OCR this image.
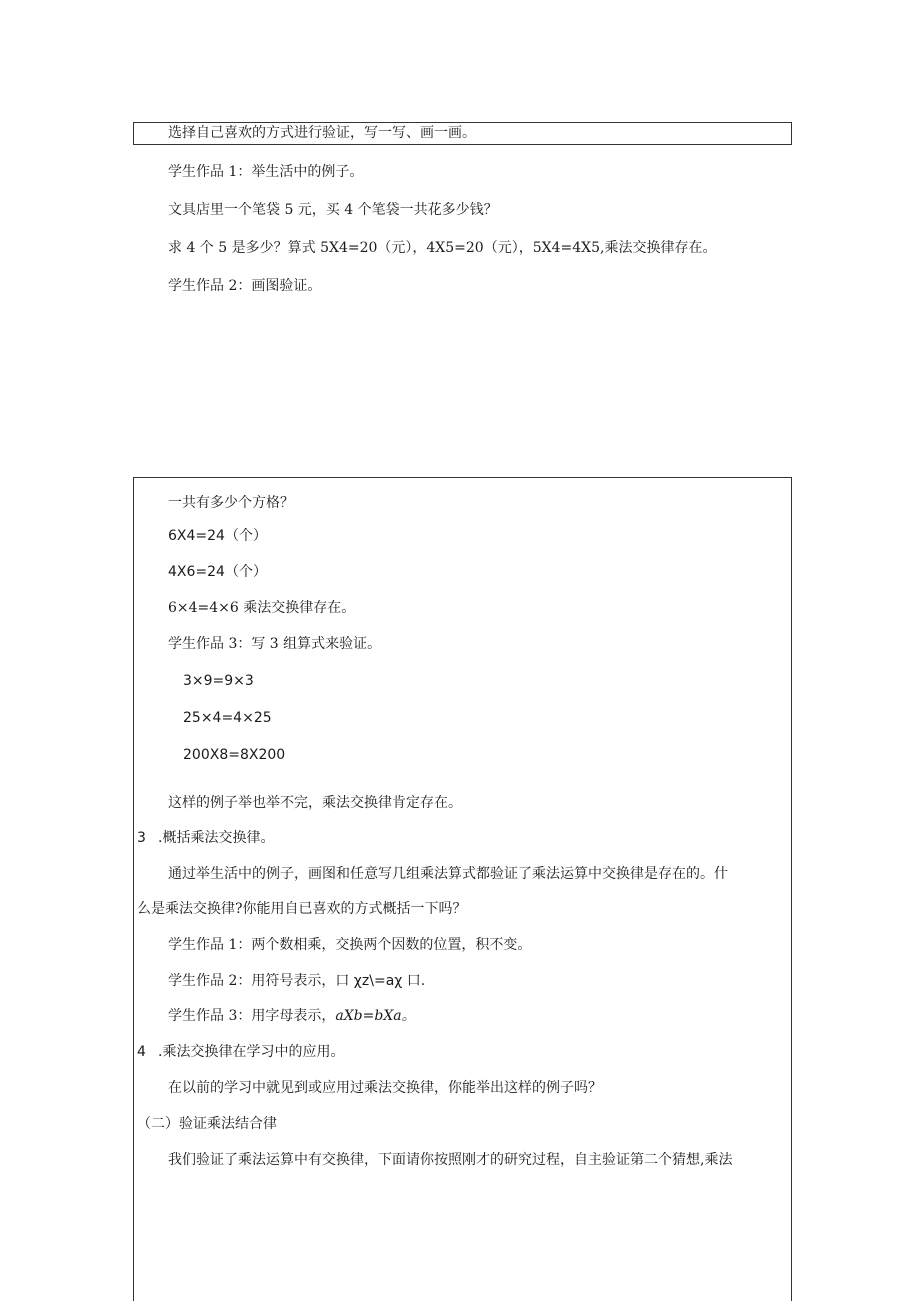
选择自己喜欢的方式进行验证，写一写、画一画。
学生作品 1：举生活中的例子。
文具店里一个笔袋 5 元，买 4 个笔袋一共花多少钱？
求 4 个 5 是多少？算式 5X4=20（元），4X5=20（元），5X4=4X5,乘法交换律存在。
学生作品 2：画图验证。
一共有多少个方格？
6X4=24（个）
4X6=24（个）
6×4=4×6 乘法交换律存在。
学生作品 3：写 3 组算式来验证。
3×9=9×3
25×4=4×25
200X8=8X200
这样的例子举也举不完，乘法交换律肯定存在。
3 .概括乘法交换律。
通过举生活中的例子，画图和任意写几组乘法算式都验证了乘法运算中交换律是存在的。什
么是乘法交换律?你能用自已喜欢的方式概括一下吗？
学生作品 1：两个数相乘，交换两个因数的位置，积不变。
学生作品 2：用符号表示，口 χz\=aχ 口.
学生作品 3：用字母表示，aXb=bXa。
4 .乘法交换律在学习中的应用。
在以前的学习中就见到或应用过乘法交换律，你能举出这样的例子吗？
（二）验证乘法结合律
我们验证了乘法运算中有交换律，下面请你按照刚才的研究过程，自主验证第二个猜想,乘法
